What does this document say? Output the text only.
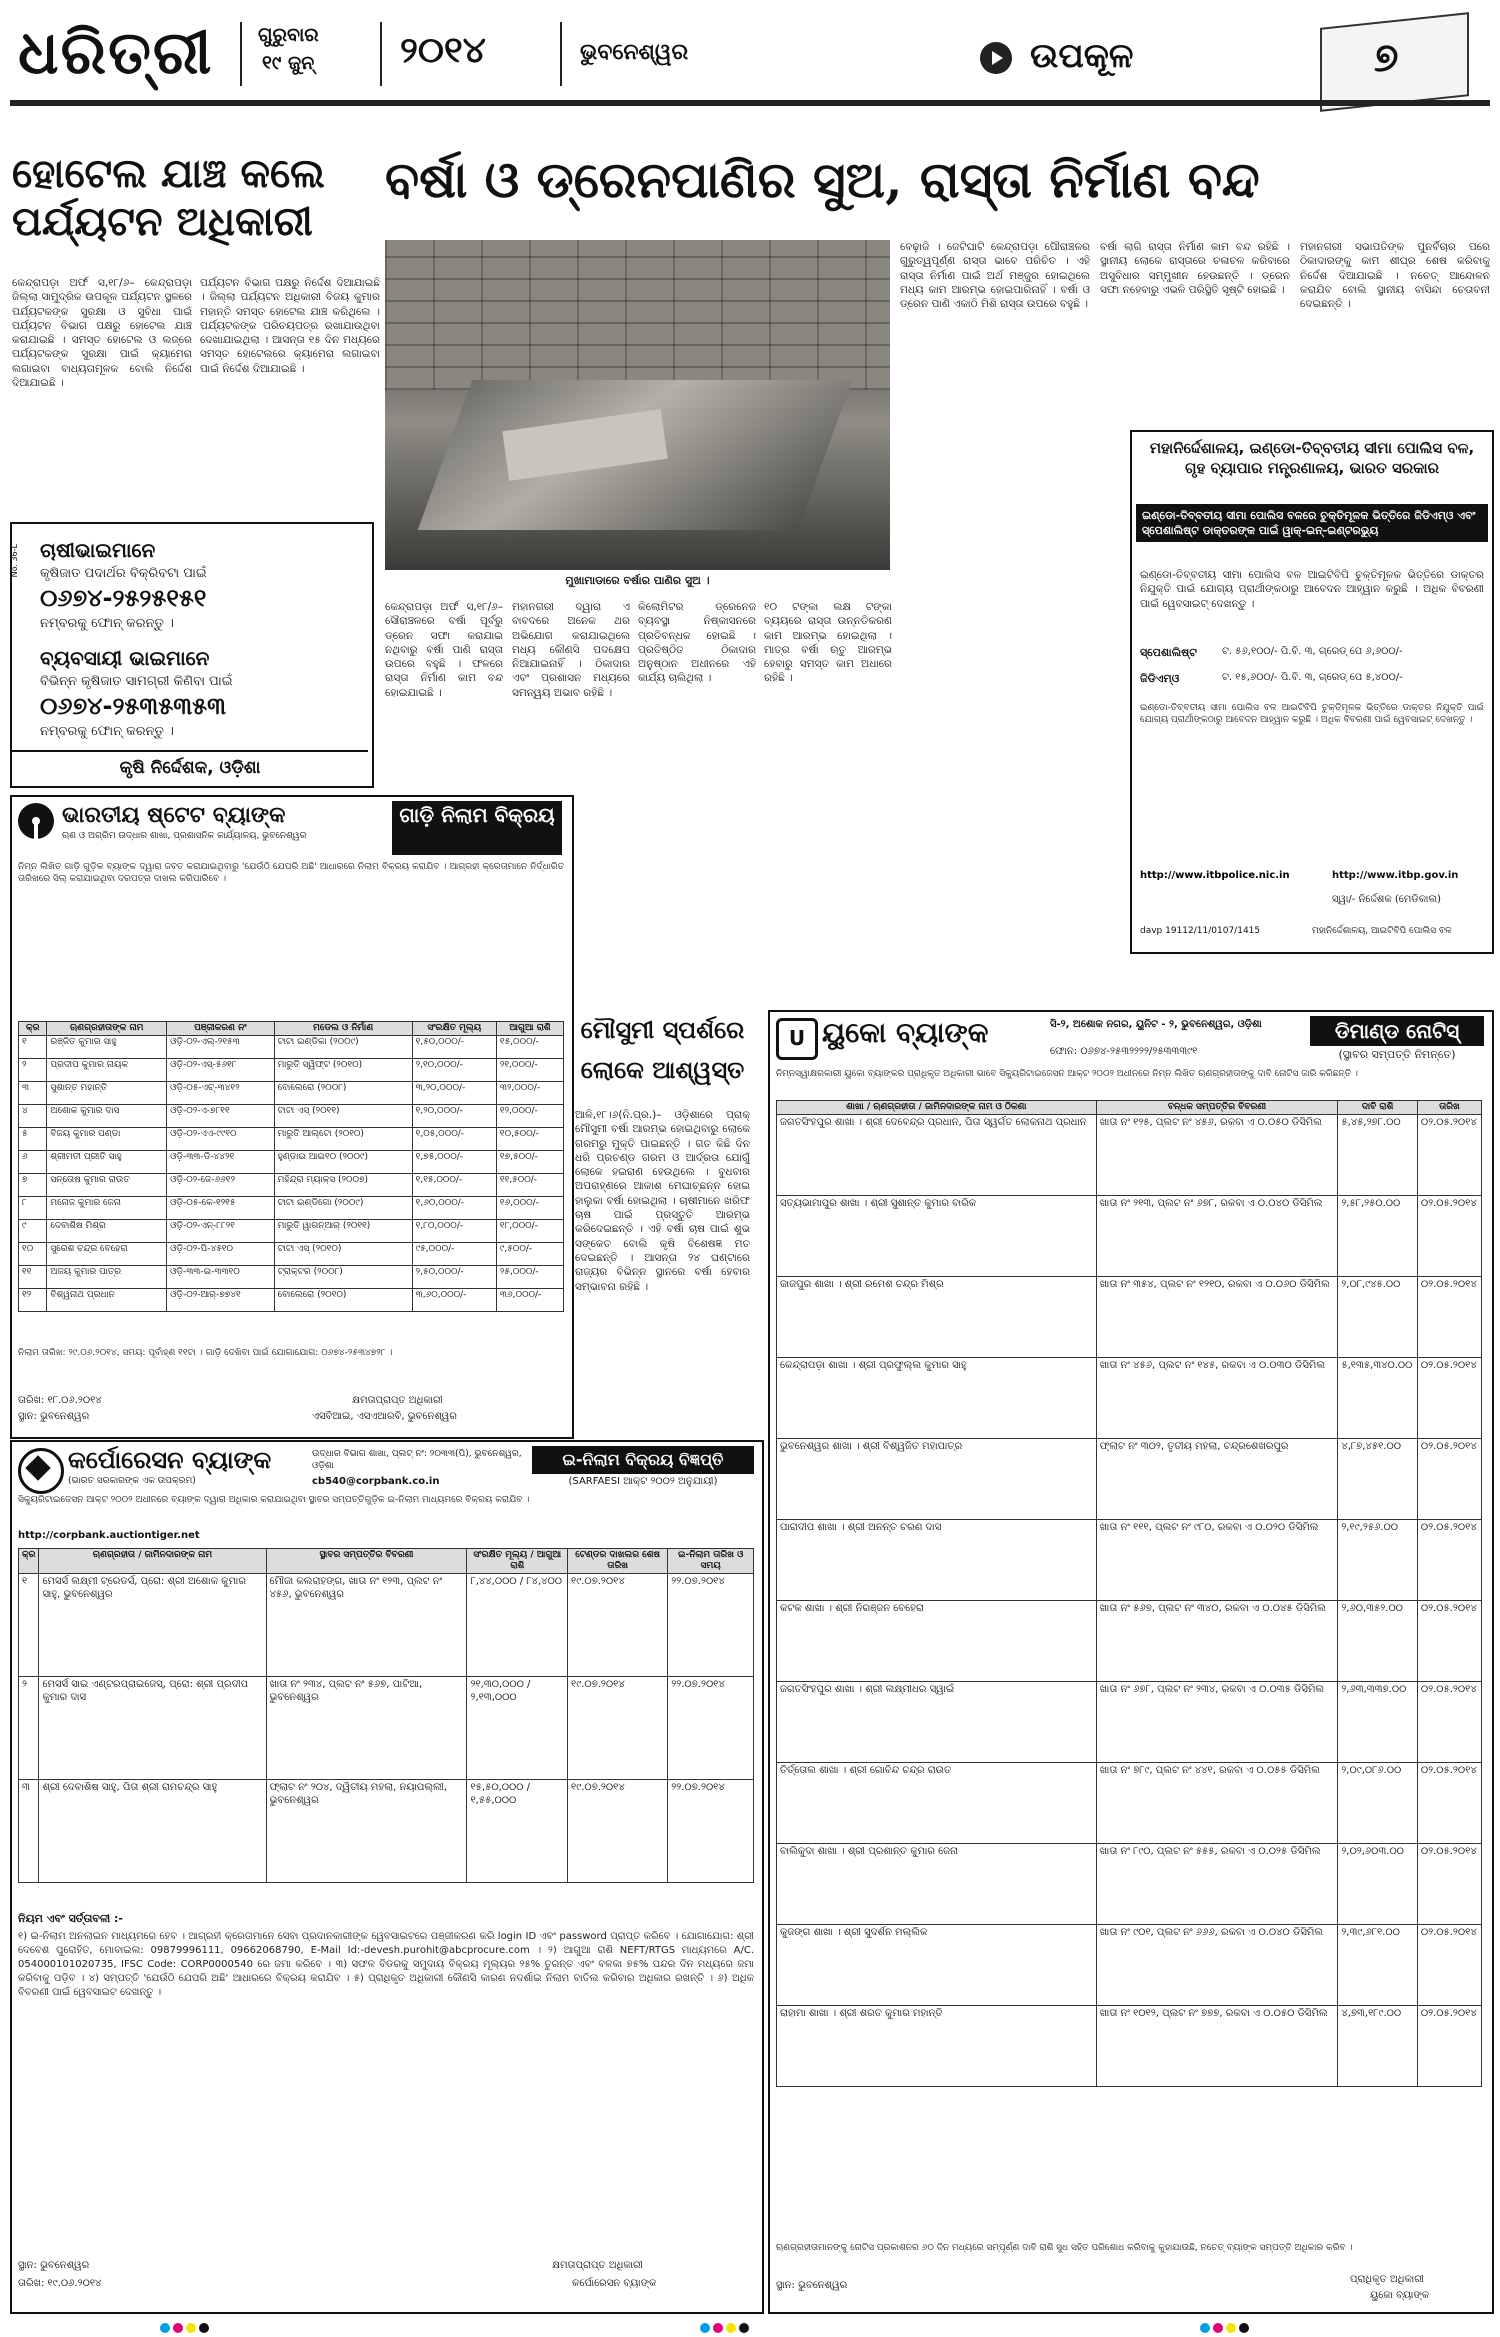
ଧରିତ୍ରୀ ଗୁରୁବାର
୧୯ ଜୁନ୍ ୨୦୧୪	ଭୁବନେଶ୍ୱର	ଉପକୂଳ	୭
ହୋଟେଲ ଯାଞ୍ଚ କଲେ ପର୍ଯ୍ୟଟନ ଅଧିକାରୀ
କେନ୍ଦ୍ରାପଡ଼ା ଅର୍ଫ ସ,୧୮/୬– କେନ୍ଦ୍ରାପଡ଼ା ଜିଲ୍ଲା ସାମୁଦ୍ରିକ ଉପକୂଳ ପର୍ଯ୍ୟଟନ ସ୍ଥଳରେ ପର୍ଯ୍ୟଟକଙ୍କ ସୁରକ୍ଷା ଓ ସୁବିଧା ପାଇଁ ପର୍ଯ୍ୟଟନ ବିଭାଗ ପକ୍ଷରୁ ହୋଟେଲ ଯାଞ୍ଚ କରାଯାଇଛି । ସମସ୍ତ ହୋଟେଲ ଓ ଲଜ୍‌ରେ ପର୍ଯ୍ୟଟକଙ୍କ ସୁରକ୍ଷା ପାଇଁ କ୍ୟାମେରା ଲଗାଇବା ବାଧ୍ୟତାମୂଳକ ବୋଲି ନିର୍ଦ୍ଦେଶ ଦିଆଯାଇଛି ।
ପର୍ଯ୍ୟଟନ ବିଭାଗ ପକ୍ଷରୁ ନିର୍ଦ୍ଦେଶ ଦିଆଯାଇଛି । ଜିଲ୍ଲା ପର୍ଯ୍ୟଟନ ଅଧିକାରୀ ବିଜୟ କୁମାର ମହାନ୍ତି ସମସ୍ତ ହୋଟେଲ ଯାଞ୍ଚ କରିଥିଲେ । ପର୍ଯ୍ୟଟକଙ୍କ ପରିଚୟପତ୍ର ରଖାଯାଉଥିବା ଦେଖାଯାଇଥିଲା । ଆସନ୍ତା ୧୫ ଦିନ ମଧ୍ୟରେ ସମସ୍ତ ହୋଟେଲରେ କ୍ୟାମେରା ଲଗାଇବା ପାଇଁ ନିର୍ଦ୍ଦେଶ ଦିଆଯାଇଛି ।
ବର୍ଷା ଓ ଡ୍ରେନପାଣିର ସୁଅ, ରାସ୍ତା ନିର୍ମାଣ ବନ୍ଦ
ମୁଖାମାଡାରେ ବର୍ଷାର ପାଣିର ସୁଅ ।
ବେଢ଼ାଜି । ଜେଟିଘାଟି କେନ୍ଦ୍ରାପଡ଼ା ପୌରାଞ୍ଚଳର ଗୁରୁତ୍ୱପୂର୍ଣ୍ଣ ରାସ୍ତା ଭାବେ ପରିଚିତ । ଏହି ରାସ୍ତା ନିର୍ମାଣ ପାଇଁ ଅର୍ଥ ମଞ୍ଜୁର ହୋଇଥିଲେ ମଧ୍ୟ କାମ ଆରମ୍ଭ ହୋଇପାରିନାହିଁ । ବର୍ଷା ଓ ଡ୍ରେନ ପାଣି ଏକାଠି ମିଶି ରାସ୍ତା ଉପରେ ବହୁଛି ।
ବର୍ଷା ଲାଗି ରାସ୍ତା ନିର୍ମାଣ କାମ ବନ୍ଦ ରହିଛି । ସ୍ଥାନୀୟ ଲୋକେ ରାସ୍ତାରେ ଚଳାଚଳ କରିବାରେ ଅସୁବିଧାର ସମ୍ମୁଖୀନ ହେଉଛନ୍ତି । ଡ୍ରେନ ସଫା ନହେବାରୁ ଏଭଳି ପରିସ୍ଥିତି ସୃଷ୍ଟି ହୋଇଛି ।
ମହାନଗରୀ ସଭାପତିଙ୍କ ପୁନର୍ବିଚାର ପରେ ଠିକାଦାରଙ୍କୁ କାମ ଶୀଘ୍ର ଶେଷ କରିବାକୁ ନିର୍ଦ୍ଦେଶ ଦିଆଯାଇଛି । ନଚେତ୍ ଆନ୍ଦୋଳନ କରାଯିବ ବୋଲି ସ୍ଥାନୀୟ ବାସିନ୍ଦା ଚେତାବନୀ ଦେଇଛନ୍ତି ।
କେନ୍ଦ୍ରାପଡ଼ା ଅର୍ଫ ସ,୧୮/୬– ସୌରାଞ୍ଚଳରେ ବର୍ଷା ପୂର୍ବରୁ ଡ୍ରେନ ସଫା କରାଯାଇ ନଥିବାରୁ ବର୍ଷା ପାଣି ରାସ୍ତା ଉପରେ ବହୁଛି । ଫଳରେ ରାସ୍ତା ନିର୍ମାଣ କାମ ବନ୍ଦ ହୋଇଯାଇଛି ।
ମହାନଗରୀ ଦ୍ୱାରା ଏ ବାବଦରେ ଅନେକ ଥର ଅଭିଯୋଗ କରାଯାଇଥିଲେ ମଧ୍ୟ କୌଣସି ପଦକ୍ଷେପ ନିଆଯାଇନାହିଁ । ଠିକାଦାର ଏବଂ ପ୍ରଶାସନ ମଧ୍ୟରେ ସମନ୍ୱୟ ଅଭାବ ରହିଛି ।
କିଲୋମିଟର ଡ୍ରେନେଜ ବ୍ୟବସ୍ଥା ନିଷ୍କାସନରେ ପ୍ରତିବନ୍ଧକ ହୋଇଛି । ପ୍ରତିଷ୍ଠିତ ଠିକାଦାର ଅନୁଷ୍ଠାନ ଅଧୀନରେ ଏହି କାର୍ଯ୍ୟ ଚାଲିଥିଲା ।
୧୦ ଟଙ୍କା ଲକ୍ଷ ଟଙ୍କା ବ୍ୟୟରେ ରାସ୍ତା ଉନ୍ନତିକରଣ କାମ ଆରମ୍ଭ ହୋଇଥିଲା । ମାତ୍ର ବର୍ଷା ଋତୁ ଆରମ୍ଭ ହେବାରୁ ସମସ୍ତ କାମ ଅଧାରେ ରହିଛି ।
ଚାଷୀଭାଇମାନେ
କୃଷିଜାତ ପଦାର୍ଥର ବିକ୍ରିବଟା ପାଇଁ
୦୬୭୪-୨୫୨୫୧୫୧
ନମ୍ବରକୁ ଫୋନ୍ କରନ୍ତୁ ।
ବ୍ୟବସାୟୀ ଭାଇମାନେ
ବିଭିନ୍ନ କୃଷିଜାତ ସାମଗ୍ରୀ କିଣିବା ପାଇଁ
୦୬୭୪-୨୫୩୫୩୫୩
ନମ୍ବରକୁ ଫୋନ୍ କରନ୍ତୁ ।
କୃଷି ନିର୍ଦ୍ଦେଶକ, ଓଡ଼ିଶା
No. 36-L
ମୌସୁମୀ ସ୍ପର୍ଶରେ ଲୋକେ ଆଶ୍ୱସ୍ତ
ଆଳି,୧୮।୬(ନି.ପ୍ର.)– ଓଡ଼ିଶାରେ ପ୍ରାକ୍ ମୌସୁମୀ ବର୍ଷା ଆରମ୍ଭ ହୋଇଥିବାରୁ ଲୋକେ ଗରମରୁ ମୁକ୍ତି ପାଇଛନ୍ତି । ଗତ କିଛି ଦିନ ଧରି ପ୍ରଚଣ୍ଡ ଗରମ ଓ ଆର୍ଦ୍ରତା ଯୋଗୁଁ ଲୋକେ ହଇରାଣ ହେଉଥିଲେ । ବୁଧବାର ଅପରାହ୍ଣରେ ଆକାଶ ମେଘାଚ୍ଛନ୍ନ ହୋଇ ହାଲୁକା ବର୍ଷା ହୋଇଥିଲା । ଚାଷୀମାନେ ଖରିଫ ଚାଷ ପାଇଁ ପ୍ରସ୍ତୁତି ଆରମ୍ଭ କରିଦେଇଛନ୍ତି । ଏହି ବର୍ଷା ଚାଷ ପାଇଁ ଶୁଭ ସଙ୍କେତ ବୋଲି କୃଷି ବିଶେଷଜ୍ଞ ମତ ଦେଇଛନ୍ତି । ଆସନ୍ତା ୨୪ ଘଣ୍ଟାରେ ରାଜ୍ୟର ବିଭିନ୍ନ ସ୍ଥାନରେ ବର୍ଷା ହେବାର ସମ୍ଭାବନା ରହିଛି ।
ମହାନିର୍ଦ୍ଦେଶାଳୟ, ଇଣ୍ଡୋ-ତିବ୍ବତୀୟ ସୀମା ପୋଲିସ ବଳ, ଗୃହ ବ୍ୟାପାର ମନ୍ତ୍ରଣାଳୟ, ଭାରତ ସରକାର
ଇଣ୍ଡୋ-ତିବ୍ବତୀୟ ସୀମା ପୋଲିସ ବଳରେ ଚୁକ୍ତିମୂଳକ ଭିତ୍ତିରେ ଜିଡିଏମ୍‌ଓ ଏବଂ ସ୍ପେଶାଲିଷ୍ଟ ଡାକ୍ତରଙ୍କ ପାଇଁ ୱାକ୍-ଇନ୍-ଇଣ୍ଟରଭ୍ୟୁ
ଇଣ୍ଡୋ-ତିବ୍ବତୀୟ ସୀମା ପୋଲିସ ବଳ ଆଇଟିବିପି ଚୁକ୍ତିମୂଳକ ଭିତ୍ତିରେ ଡାକ୍ତର ନିଯୁକ୍ତି ପାଇଁ ଯୋଗ୍ୟ ପ୍ରାର୍ଥୀଙ୍କଠାରୁ ଆବେଦନ ଆହ୍ୱାନ କରୁଛି । ଅଧିକ ବିବରଣୀ ପାଇଁ ୱେବସାଇଟ୍ ଦେଖନ୍ତୁ ।
ସ୍ପେଶାଲିଷ୍ଟ	ଟ. ୫୬,୧୦୦/- ପି.ବି. ୩, ଗ୍ରେଡ୍ ପେ ୬,୬୦୦/-
ଜିଡିଏମ୍‌ଓ	ଟ. ୧୫,୬୦୦/- ପି.ବି. ୩, ଗ୍ରେଡ୍ ପେ ୫,୪୦୦/-
ଇଣ୍ଡୋ-ତିବ୍ବତୀୟ ସୀମା ପୋଲିସ ବଳ ଆଇଟିବିପି ଚୁକ୍ତିମୂଳକ ଭିତ୍ତିରେ ଡାକ୍ତର ନିଯୁକ୍ତି ପାଇଁ ଯୋଗ୍ୟ ପ୍ରାର୍ଥୀଙ୍କଠାରୁ ଆବେଦନ ଆହ୍ୱାନ କରୁଛି । ଅଧିକ ବିବରଣୀ ପାଇଁ ୱେବସାଇଟ୍ ଦେଖନ୍ତୁ ।
http://www.itbpolice.nic.in	http://www.itbp.gov.in
ସ୍ୱା/- ନିର୍ଦ୍ଦେଶକ (ମେଡିକାଲ)
davp 19112/11/0107/1415	ମହାନିର୍ଦ୍ଦେଶାଳୟ, ଆଇଟିବିପି ପୋଲିସ ବଳ
ଭାରତୀୟ ଷ୍ଟେଟ ବ୍ୟାଙ୍କ
ଋଣ ଓ ଅଗ୍ରିମ ଉଦ୍ଧାର ଶାଖା, ପ୍ରଶାସନିକ କାର୍ଯ୍ୟାଳୟ, ଭୁବନେଶ୍ୱର
ଗାଡ଼ି ନିଲାମ ବିକ୍ରୟ
ନିମ୍ନ ଲିଖିତ ଗାଡ଼ି ଗୁଡ଼ିକ ବ୍ୟାଙ୍କ ଦ୍ୱାରା ଜବତ କରାଯାଇଥିବାରୁ 'ଯେଉଁଠି ଯେପରି ଅଛି' ଆଧାରରେ ନିଲାମ ବିକ୍ରୟ କରାଯିବ । ଆଗ୍ରହୀ କ୍ରେତାମାନେ ନିର୍ଦ୍ଧାରିତ ତାରିଖରେ ସିଲ୍ କରାଯାଇଥିବା ଦରପତ୍ର ଦାଖଲ କରିପାରିବେ ।
କ୍ର	ଋଣଗ୍ରହୀତାଙ୍କ ନାମ	ପଞ୍ଜୀକରଣ ନଂ	ମଡେଲ ଓ ନିର୍ମାଣ	ସଂରକ୍ଷିତ ମୂଲ୍ୟ	ଆଗୁଆ ରାଶି
୧	ରଞ୍ଜିତ କୁମାର ସାହୁ	ଓଡ଼ି-୦୨-ଏଲ୍-୨୧୫୩	ଟାଟା ଇଣ୍ଡିକା (୨୦୦୯)	୧,୫୦,୦୦୦/-	୧୫,୦୦୦/-
୨	ପ୍ରଦୀପ କୁମାର ନାୟକ	ଓଡ଼ି-୦୨-ଏସ୍-୫୬୧୮	ମାରୁତି ସ୍ୱିଫ୍ଟ (୨୦୧୦)	୨,୧୦,୦୦୦/-	୨୧,୦୦୦/-
୩	ସୁଶାନ୍ତ ମହାନ୍ତି	ଓଡ଼ି-୦୫-ଏଚ୍-୩୪୧୨	ବୋଲେରୋ (୨୦୦୮)	୩,୨୦,୦୦୦/-	୩୨,୦୦୦/-
୪	ଅଶୋକ କୁମାର ଦାସ	ଓଡ଼ି-୦୨-ଏ-୭୮୧୧	ଟାଟା ଏସ୍ (୨୦୧୧)	୧,୨୦,୦୦୦/-	୧୨,୦୦୦/-
୫	ବିଜୟ କୁମାର ପଣ୍ଡା	ଓଡ଼ି-୦୨-ଏଏ-୯୯୧୦	ମାରୁତି ଆଲ୍ଟୋ (୨୦୧୦)	୧,୦୫,୦୦୦/-	୧୦,୫୦୦/-
୬	ଶ୍ରୀମତୀ ପ୍ରୀତି ସାହୁ	ଓଡ଼ି-୩୩-ଡି-୪୪୨୧	ହୁଣ୍ଡାଇ ଆଇ୧୦ (୨୦୦୯)	୧,୭୫,୦୦୦/-	୧୭,୫୦୦/-
୭	ସନ୍ତୋଷ କୁମାର ରାଉତ	ଓଡ଼ି-୦୨-ଜେ-୬୬୧୨	ମହିନ୍ଦ୍ରା ମ୍ୟାକ୍ସ (୨୦୦୭)	୧,୧୫,୦୦୦/-	୧୧,୫୦୦/-
୮	ମନୋଜ କୁମାର ଜେନା	ଓଡ଼ି-୦୫-କେ-୧୨୧୫	ଟାଟା ଇଣ୍ଡିଗୋ (୨୦୦୯)	୧,୬୦,୦୦୦/-	୧୬,୦୦୦/-
୯	ଦେବାଶିଷ ମିଶ୍ର	ଓଡ଼ି-୦୨-ଏନ୍-୮୮୨୧	ମାରୁତି ୱାଗନ୍‌ଆର୍ (୨୦୧୧)	୧,୮୦,୦୦୦/-	୧୮,୦୦୦/-
୧୦	ସୁରେଶ ଚନ୍ଦ୍ର ବେହେରା	ଓଡ଼ି-୦୨-ପି-୪୫୧୦	ଟାଟା ଏସ୍ (୨୦୧୦)	୯୫,୦୦୦/-	୯,୫୦୦/-
୧୧	ଅଜୟ କୁମାର ପାତ୍ର	ଓଡ଼ି-୩୩-ଇ-୩୩୧୦	ଟ୍ରାକ୍ଟର (୨୦୦୮)	୨,୫୦,୦୦୦/-	୨୫,୦୦୦/-
୧୨	ବିଶ୍ୱନାଥ ପ୍ରଧାନ	ଓଡ଼ି-୦୨-ଆର୍-୭୭୪୧	ବୋଲେରୋ (୨୦୧୦)	୩,୬୦,୦୦୦/-	୩୬,୦୦୦/-
ନିଲାମ ତାରିଖ: ୨୯.୦୬.୨୦୧୪, ସମୟ: ପୂର୍ବାହ୍ଣ ୧୧ଟା । ଗାଡ଼ି ଦେଖିବା ପାଇଁ ଯୋଗାଯୋଗ: ୦୬୭୪-୨୫୩୪୭୨୮ ।
ତାରିଖ: ୧୮.୦୬.୨୦୧୪
ସ୍ଥାନ: ଭୁବନେଶ୍ୱର
କ୍ଷମତାପ୍ରାପ୍ତ ଅଧିକାରୀ
ଏସବିଆଇ, ଏସଏଆରବି, ଭୁବନେଶ୍ୱର
U ୟୁକୋ ବ୍ୟାଙ୍କ	ସି-୨, ଅଶୋକ ନଗର, ୟୁନିଟ - ୨, ଭୁବନେଶ୍ୱର, ଓଡ଼ିଶା
ଫୋନ: ୦୬୭୪-୨୫୩୨୨୨୨/୨୫୩୩୩୯୧
ଡିମାଣ୍ଡ ନୋଟିସ୍
(ସ୍ଥାବର ସମ୍ପତ୍ତି ନିମନ୍ତେ)
ନିମ୍ନସ୍ୱାକ୍ଷରକାରୀ ୟୁକୋ ବ୍ୟାଙ୍କର ପ୍ରାଧିକୃତ ଅଧିକାରୀ ଭାବେ ସିକ୍ୟୁରିଟାଇଜେସନ ଆକ୍ଟ ୨୦୦୨ ଅଧୀନରେ ନିମ୍ନ ଲିଖିତ ଋଣଗ୍ରହୀତାଙ୍କୁ ଦାବି ନୋଟିସ ଜାରି କରିଛନ୍ତି ।
ଶାଖା / ଋଣଗ୍ରହୀତା / ଜାମିନଦାରଙ୍କ ନାମ ଓ ଠିକଣା	ବନ୍ଧକ ସମ୍ପତ୍ତିର ବିବରଣୀ	ଦାବି ରାଶି	ତାରିଖ
ଜଗତସିଂହପୁର ଶାଖା । ଶ୍ରୀ ଦେବେନ୍ଦ୍ର ପ୍ରଧାନ, ପିତା ସ୍ୱର୍ଗତ ଲୋକନାଥ ପ୍ରଧାନ	ଖାତା ନଂ ୧୨୫, ପ୍ଲଟ ନଂ ୪୫୬, ରକବା ଏ ୦.୦୫୦ ଡିସିମିଲ	୫,୪୫,୨୭୮.୦୦	୦୨.୦୫.୨୦୧୪
ସତ୍ୟଭାମାପୁର ଶାଖା । ଶ୍ରୀ ସୁଶାନ୍ତ କୁମାର ବାରିକ	ଖାତା ନଂ ୨୧୩, ପ୍ଲଟ ନଂ ୬୭୮, ରକବା ଏ ୦.୦୪୦ ଡିସିମିଲ	୨,୫୮,୨୫୦.୦୦	୦୨.୦୫.୨୦୧୪
ଜାଜପୁର ଶାଖା । ଶ୍ରୀ ରମେଶ ଚନ୍ଦ୍ର ମିଶ୍ର	ଖାତା ନଂ ୩୫୪, ପ୍ଲଟ ନଂ ୧୨୧୦, ରକବା ଏ ୦.୦୬୦ ଡିସିମିଲ	୨,୦୮,୯୪୫.୦୦	୦୨.୦୫.୨୦୧୪
କେନ୍ଦ୍ରାପଡ଼ା ଶାଖା । ଶ୍ରୀ ପ୍ରଫୁଲ୍ଲ କୁମାର ସାହୁ	ଖାତା ନଂ ୪୫୬, ପ୍ଲଟ ନଂ ୧୪୫, ରକବା ଏ ୦.୦୩୦ ଡିସିମିଲ	୫,୧୩୫,୩୪୦.୦୦	୦୨.୦୫.୨୦୧୪
ଭୁବନେଶ୍ୱର ଶାଖା । ଶ୍ରୀ ବିଶ୍ୱଜିତ ମହାପାତ୍ର	ଫ୍ଲାଟ ନଂ ୩୦୨, ତୃତୀୟ ମହଲା, ଚନ୍ଦ୍ରଶେଖରପୁର	୪,୮୭,୪୫୧.୦୦	୦୨.୦୫.୨୦୧୪
ପାରାଦୀପ ଶାଖା । ଶ୍ରୀ ଅନନ୍ତ ଚରଣ ଦାସ	ଖାତା ନଂ ୧୧୧, ପ୍ଲଟ ନଂ ୯୮୦, ରକବା ଏ ୦.୦୨୦ ଡିସିମିଲ	୨,୧୯,୨୫୬.୦୦	୦୨.୦୫.୨୦୧୪
କଟକ ଶାଖା । ଶ୍ରୀ ନିରଞ୍ଜନ ବେହେରା	ଖାତା ନଂ ୫୬୭, ପ୍ଲଟ ନଂ ୩୪୦, ରକବା ଏ ୦.୦୪୫ ଡିସିମିଲ	୨,୬୦,୩୫୨.୦୦	୦୨.୦୫.୨୦୧୪
ଜଗତସିଂହପୁର ଶାଖା । ଶ୍ରୀ ଲକ୍ଷ୍ମୀଧର ସ୍ୱାଇଁ	ଖାତା ନଂ ୬୭୮, ପ୍ଲଟ ନଂ ୨୩୪, ରକବା ଏ ୦.୦୩୫ ଡିସିମିଲ	୨,୬୩,୩୩୭.୦୦	୦୨.୦୫.୨୦୧୪
ତିର୍ତ୍ତୋଲ ଶାଖା । ଶ୍ରୀ ଗୋବିନ୍ଦ ଚନ୍ଦ୍ର ରାଉତ	ଖାତା ନଂ ୭୮୯, ପ୍ଲଟ ନଂ ୪୪୧, ରକବା ଏ ୦.୦୫୫ ଡିସିମିଲ	୨,୦୯,୦୮୬.୦୦	୦୨.୦୫.୨୦୧୪
ବାଲିକୁଦା ଶାଖା । ଶ୍ରୀ ପ୍ରଶାନ୍ତ କୁମାର ଜେନା	ଖାତା ନଂ ୮୯୦, ପ୍ଲଟ ନଂ ୫୫୫, ରକବା ଏ ୦.୦୨୫ ଡିସିମିଲ	୨,୦୨,୬୦୩.୦୦	୦୨.୦୫.୨୦୧୪
କୁଜଙ୍ଗ ଶାଖା । ଶ୍ରୀ ସୁଦର୍ଶନ ମଲ୍ଲିକ	ଖାତା ନଂ ୯୦୧, ପ୍ଲଟ ନଂ ୬୬୬, ରକବା ଏ ୦.୦୪୦ ଡିସିମିଲ	୨,୩୯,୬୮୧.୦୦	୦୨.୦୫.୨୦୧୪
ରାହାମା ଶାଖା । ଶ୍ରୀ ଶରତ କୁମାର ମହାନ୍ତି	ଖାତା ନଂ ୧୦୧୨, ପ୍ଲଟ ନଂ ୭୭୭, ରକବା ଏ ୦.୦୫୦ ଡିସିମିଲ	୪,୭୩,୧୮୯.୦୦	୦୨.୦୫.୨୦୧୪
ଋଣଗ୍ରହୀତାମାନଙ୍କୁ ନୋଟିସ ପ୍ରକାଶନର ୬୦ ଦିନ ମଧ୍ୟରେ ସମ୍ପୂର୍ଣ୍ଣ ଦାବି ରାଶି ସୁଧ ସହିତ ପରିଶୋଧ କରିବାକୁ କୁହାଯାଉଛି, ନଚେତ୍ ବ୍ୟାଙ୍କ ସମ୍ପତ୍ତି ଅଧିକାର କରିବ ।
ସ୍ଥାନ: ଭୁବନେଶ୍ୱର
ପ୍ରାଧିକୃତ ଅଧିକାରୀ
ୟୁକୋ ବ୍ୟାଙ୍କ
କର୍ପୋରେସନ ବ୍ୟାଙ୍କ
(ଭାରତ ସରକାରଙ୍କ ଏକ ଉପକ୍ରମ)
ଉଦ୍ଧାର ବିଭାଗ ଶାଖା, ପ୍ଲଟ୍ ନଂ: ୨୦୩୩(ପି), ଭୁବନେଶ୍ୱର, ଓଡ଼ିଶା
cb540@corpbank.co.in
ଇ-ନିଲାମ ବିକ୍ରୟ ବିଜ୍ଞପ୍ତି
(SARFAESI ଆକ୍ଟ ୨୦୦୨ ଅନୁଯାୟୀ)
ସିକ୍ୟୁରିଟାଇଜେସନ ଆକ୍ଟ ୨୦୦୨ ଅଧୀନରେ ବ୍ୟାଙ୍କ ଦ୍ୱାରା ଅଧିକାର କରାଯାଇଥିବା ସ୍ଥାବର ସମ୍ପତ୍ତିଗୁଡ଼ିକ ଇ-ନିଲାମ ମାଧ୍ୟମରେ ବିକ୍ରୟ କରାଯିବ ।
http://corpbank.auctiontiger.net
କ୍ର	ଋଣଗ୍ରହୀତା / ଜାମିନଦାରଙ୍କ ନାମ	ସ୍ଥାବର ସମ୍ପତ୍ତିର ବିବରଣୀ	ସଂରକ୍ଷିତ ମୂଲ୍ୟ / ଆଗୁଆ ରାଶି	ଟେଣ୍ଡର ଦାଖଲର ଶେଷ ତାରିଖ	ଇ-ନିଲାମ ତାରିଖ ଓ ସମୟ
୧	ମେସର୍ସ ଲକ୍ଷ୍ମୀ ଟ୍ରେଡର୍ସ, ପ୍ରୋ: ଶ୍ରୀ ଅଶୋକ କୁମାର ସାହୁ, ଭୁବନେଶ୍ୱର	ମୌଜା କଲରାହଙ୍ଗ, ଖାତା ନଂ ୧୨୩, ପ୍ଲଟ ନଂ ୪୫୬, ଭୁବନେଶ୍ୱର	୮,୪୪,୦୦୦ / ୮୪,୪୦୦	୧୯.୦୭.୨୦୧୪	୨୨.୦୭.୨୦୧୪
୨	ମେସର୍ସ ସାଇ ଏଣ୍ଟରପ୍ରାଇଜେସ୍, ପ୍ରୋ: ଶ୍ରୀ ପ୍ରଦୀପ କୁମାର ଦାସ	ଖାତା ନଂ ୨୩୪, ପ୍ଲଟ ନଂ ୫୬୭, ପାଟିଆ, ଭୁବନେଶ୍ୱର	୨୧,୩୦,୦୦୦ / ୨,୧୩,୦୦୦	୧୯.୦୭.୨୦୧୪	୨୨.୦୭.୨୦୧୪
୩	ଶ୍ରୀ ଦେବାଶିଷ ସାହୁ, ପିତା ଶ୍ରୀ ରାମଚନ୍ଦ୍ର ସାହୁ	ଫ୍ଲାଟ ନଂ ୨୦୪, ଦ୍ୱିତୀୟ ମହଲା, ନୟାପଲ୍ଲୀ, ଭୁବନେଶ୍ୱର	୧୫,୫୦,୦୦୦ / ୧,୫୫,୦୦୦	୧୯.୦୭.୨୦୧୪	୨୨.୦୭.୨୦୧୪
ନିୟମ ଏବଂ ସର୍ତ୍ତାବଳୀ :-
୧) ଇ-ନିଲାମ ଅନଲାଇନ ମାଧ୍ୟମରେ ହେବ । ଆଗ୍ରହୀ କ୍ରେତାମାନେ ସେବା ପ୍ରଦାନକାରୀଙ୍କ ୱେବସାଇଟରେ ପଞ୍ଜୀକରଣ କରି login ID ଏବଂ password ପ୍ରାପ୍ତ କରିବେ । ଯୋଗାଯୋଗ: ଶ୍ରୀ ଦେବେଶ ପୁରୋହିତ, ମୋବାଇଲ: 09879996111, 09662068790, E-Mail Id:-devesh.purohit@abcprocure.com । ୨) ଆଗୁଆ ରାଶି NEFT/RTGS ମାଧ୍ୟମରେ A/C. 054000101020735, IFSC Code: CORP0000540 ରେ ଜମା କରିବେ । ୩) ସଫଳ ବିଡରକୁ ସମୁଦାୟ ବିକ୍ରୟ ମୂଲ୍ୟର ୨୫% ତୁରନ୍ତ ଏବଂ ବଳକା ୭୫% ପନ୍ଦର ଦିନ ମଧ୍ୟରେ ଜମା କରିବାକୁ ପଡ଼ିବ । ୪) ସମ୍ପତ୍ତି 'ଯେଉଁଠି ଯେପରି ଅଛି' ଆଧାରରେ ବିକ୍ରୟ କରାଯିବ । ୫) ପ୍ରାଧିକୃତ ଅଧିକାରୀ କୌଣସି କାରଣ ନଦର୍ଶାଇ ନିଲାମ ବାତିଲ କରିବାର ଅଧିକାର ରଖନ୍ତି । ୬) ଅଧିକ ବିବରଣୀ ପାଇଁ ୱେବସାଇଟ ଦେଖନ୍ତୁ ।
ସ୍ଥାନ: ଭୁବନେଶ୍ୱର
ତାରିଖ: ୧୯.୦୬.୨୦୧୪
କ୍ଷମତାପ୍ରାପ୍ତ ଅଧିକାରୀ
କର୍ପୋରେସନ ବ୍ୟାଙ୍କ
